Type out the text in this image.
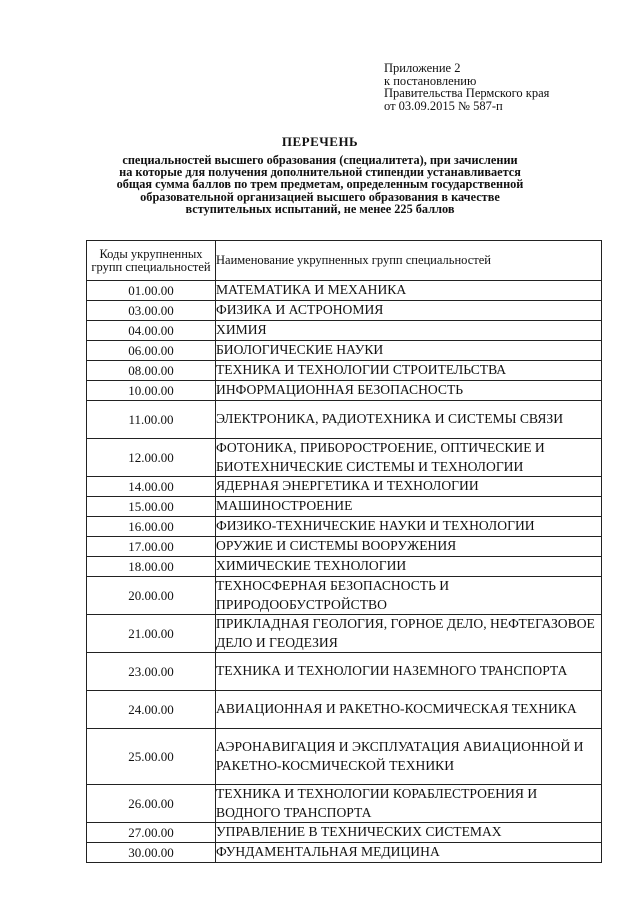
Приложение 2
к постановлению
Правительства Пермского края
от 03.09.2015 № 587-п
ПЕРЕЧЕНЬ
специальностей высшего образования (специалитета), при зачислении
на которые для получения дополнительной стипендии устанавливается
общая сумма баллов по трем предметам, определенным государственной
образовательной организацией высшего образования в качестве
вступительных испытаний, не менее 225 баллов
Коды укрупненных групп специальностей	Наименование укрупненных групп специальностей
01.00.00	МАТЕМАТИКА И МЕХАНИКА
03.00.00	ФИЗИКА И АСТРОНОМИЯ
04.00.00	ХИМИЯ
06.00.00	БИОЛОГИЧЕСКИЕ НАУКИ
08.00.00	ТЕХНИКА И ТЕХНОЛОГИИ СТРОИТЕЛЬСТВА
10.00.00	ИНФОРМАЦИОННАЯ БЕЗОПАСНОСТЬ
11.00.00	ЭЛЕКТРОНИКА, РАДИОТЕХНИКА И СИСТЕМЫ СВЯЗИ
12.00.00	ФОТОНИКА, ПРИБОРОСТРОЕНИЕ, ОПТИЧЕСКИЕ И БИОТЕХНИЧЕСКИЕ СИСТЕМЫ И ТЕХНОЛОГИИ
14.00.00	ЯДЕРНАЯ ЭНЕРГЕТИКА И ТЕХНОЛОГИИ
15.00.00	МАШИНОСТРОЕНИЕ
16.00.00	ФИЗИКО-ТЕХНИЧЕСКИЕ НАУКИ И ТЕХНОЛОГИИ
17.00.00	ОРУЖИЕ И СИСТЕМЫ ВООРУЖЕНИЯ
18.00.00	ХИМИЧЕСКИЕ ТЕХНОЛОГИИ
20.00.00	ТЕХНОСФЕРНАЯ БЕЗОПАСНОСТЬ И ПРИРОДООБУСТРОЙСТВО
21.00.00	ПРИКЛАДНАЯ ГЕОЛОГИЯ, ГОРНОЕ ДЕЛО, НЕФТЕГАЗОВОЕ ДЕЛО И ГЕОДЕЗИЯ
23.00.00	ТЕХНИКА И ТЕХНОЛОГИИ НАЗЕМНОГО ТРАНСПОРТА
24.00.00	АВИАЦИОННАЯ И РАКЕТНО-КОСМИЧЕСКАЯ ТЕХНИКА
25.00.00	АЭРОНАВИГАЦИЯ И ЭКСПЛУАТАЦИЯ АВИАЦИОННОЙ И РАКЕТНО-КОСМИЧЕСКОЙ ТЕХНИКИ
26.00.00	ТЕХНИКА И ТЕХНОЛОГИИ КОРАБЛЕСТРОЕНИЯ И ВОДНОГО ТРАНСПОРТА
27.00.00	УПРАВЛЕНИЕ В ТЕХНИЧЕСКИХ СИСТЕМАХ
30.00.00	ФУНДАМЕНТАЛЬНАЯ МЕДИЦИНА
